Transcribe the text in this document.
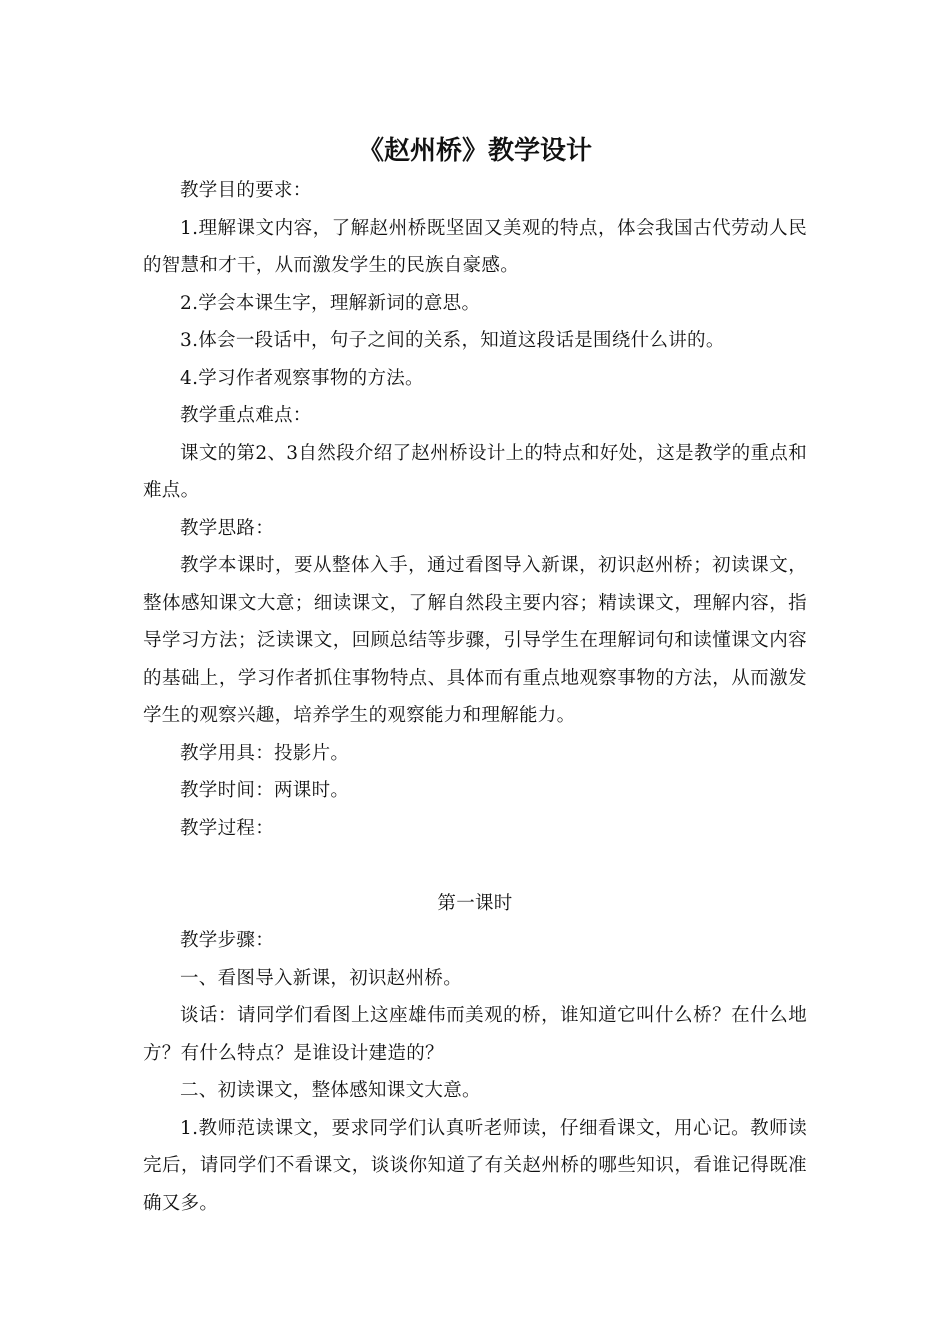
《赵州桥》教学设计

教学目的要求：

1.理解课文内容，了解赵州桥既坚固又美观的特点，体会我国古代劳动人民的智慧和才干，从而激发学生的民族自豪感。

2.学会本课生字，理解新词的意思。

3.体会一段话中，句子之间的关系，知道这段话是围绕什么讲的。

4.学习作者观察事物的方法。

教学重点难点：

课文的第2、3自然段介绍了赵州桥设计上的特点和好处，这是教学的重点和难点。

教学思路：

教学本课时，要从整体入手，通过看图导入新课，初识赵州桥；初读课文，整体感知课文大意；细读课文，了解自然段主要内容；精读课文，理解内容，指导学习方法；泛读课文，回顾总结等步骤，引导学生在理解词句和读懂课文内容的基础上，学习作者抓住事物特点、具体而有重点地观察事物的方法，从而激发学生的观察兴趣，培养学生的观察能力和理解能力。

教学用具：投影片。

教学时间：两课时。

教学过程：

第一课时

教学步骤：

一、看图导入新课，初识赵州桥。

谈话：请同学们看图上这座雄伟而美观的桥，谁知道它叫什么桥？在什么地方？有什么特点？是谁设计建造的？

二、初读课文，整体感知课文大意。

1.教师范读课文，要求同学们认真听老师读，仔细看课文，用心记。教师读完后，请同学们不看课文，谈谈你知道了有关赵州桥的哪些知识，看谁记得既准确又多。
